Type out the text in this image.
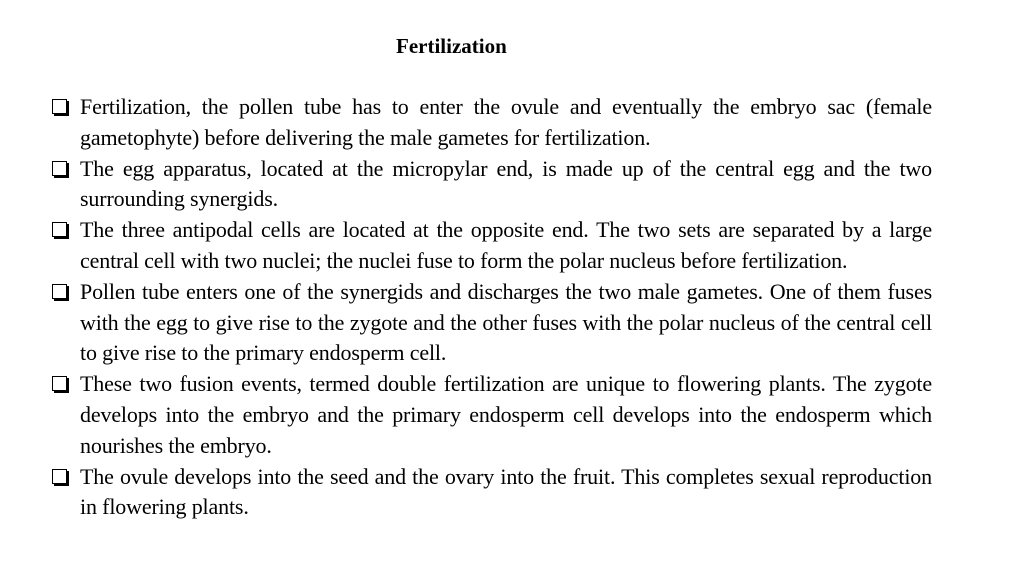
Fertilization
Fertilization, the pollen tube has to enter the ovule and eventually the embryo sac (female gametophyte) before delivering the male gametes for fertilization.
The egg apparatus, located at the micropylar end, is made up of the central egg and the two surrounding synergids.
The three antipodal cells are located at the opposite end. The two sets are separated by a large central cell with two nuclei; the nuclei fuse to form the polar nucleus before fertilization.
Pollen tube enters one of the synergids and discharges the two male gametes. One of them fuses with the egg to give rise to the zygote and the other fuses with the polar nucleus of the central cell to give rise to the primary endosperm cell.
These two fusion events, termed double fertilization are unique to flowering plants. The zygote develops into the embryo and the primary endosperm cell develops into the endosperm which nourishes the embryo.
The ovule develops into the seed and the ovary into the fruit. This completes sexual reproduction in flowering plants.
